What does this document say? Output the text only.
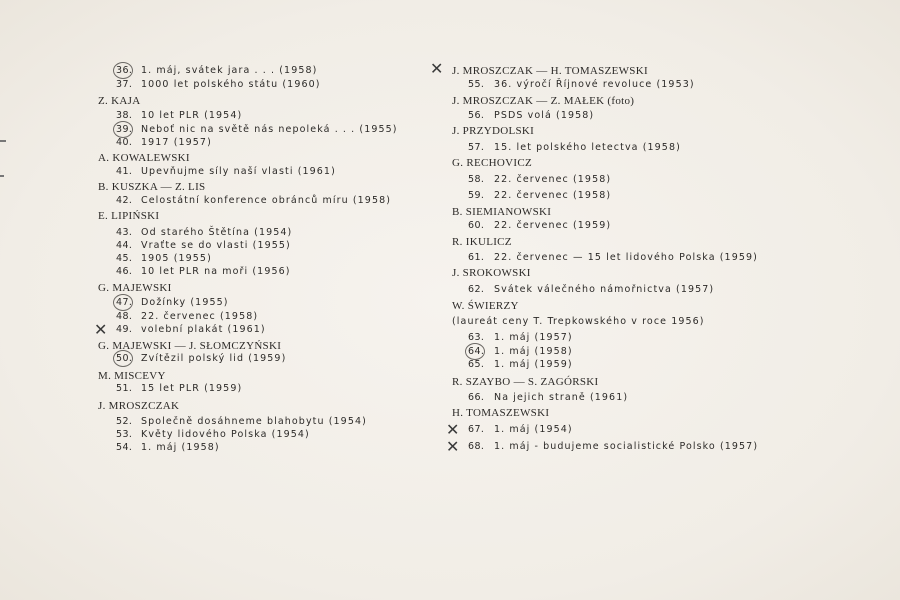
36. 1. máj, svátek jara . . . (1958)
37. 1000 let polského státu (1960)
Z. KAJA
38. 10 let PLR (1954)
39. Neboť nic na světě nás nepoleká . . . (1955)
40. 1917 (1957)
A. KOWALEWSKI
41. Upevňujme síly naší vlasti (1961)
B. KUSZKA — Z. LIS
42. Celostátní konference obránců míru (1958)
E. LIPIŃSKI
43. Od starého Štětína (1954)
44. Vraťte se do vlasti (1955)
45. 1905 (1955)
46. 10 let PLR na moři (1956)
G. MAJEWSKI
47. Dožínky (1955)
48. 22. červenec (1958)
49. volební plakát (1961)
✕
G. MAJEWSKI — J. SŁOMCZYŃSKI
50. Zvítězil polský lid (1959)
M. MISCEVY
51. 15 let PLR (1959)
J. MROSZCZAK
52. Společně dosáhneme blahobytu (1954)
53. Květy lidového Polska (1954)
54. 1. máj (1958)
J. MROSZCZAK — H. TOMASZEWSKI
✕
55. 36. výročí Říjnové revoluce (1953)
J. MROSZCZAK — Z. MAŁEK (foto)
56. PSDS volá (1958)
J. PRZYDOLSKI
57. 15. let polského letectva (1958)
G. RECHOVICZ
58. 22. červenec (1958)
59. 22. červenec (1958)
B. SIEMIANOWSKI
60. 22. červenec (1959)
R. IKULICZ
61. 22. červenec — 15 let lidového Polska (1959)
J. SROKOWSKI
62. Svátek válečného námořnictva (1957)
W. ŚWIERZY
(laureát ceny T. Trepkowského v roce 1956)
63. 1. máj (1957)
64. 1. máj (1958)
65. 1. máj (1959)
R. SZAYBO — S. ZAGÓRSKI
66. Na jejich straně (1961)
H. TOMASZEWSKI
67. 1. máj (1954)
✕
68. 1. máj - budujeme socialistické Polsko (1957)
✕
